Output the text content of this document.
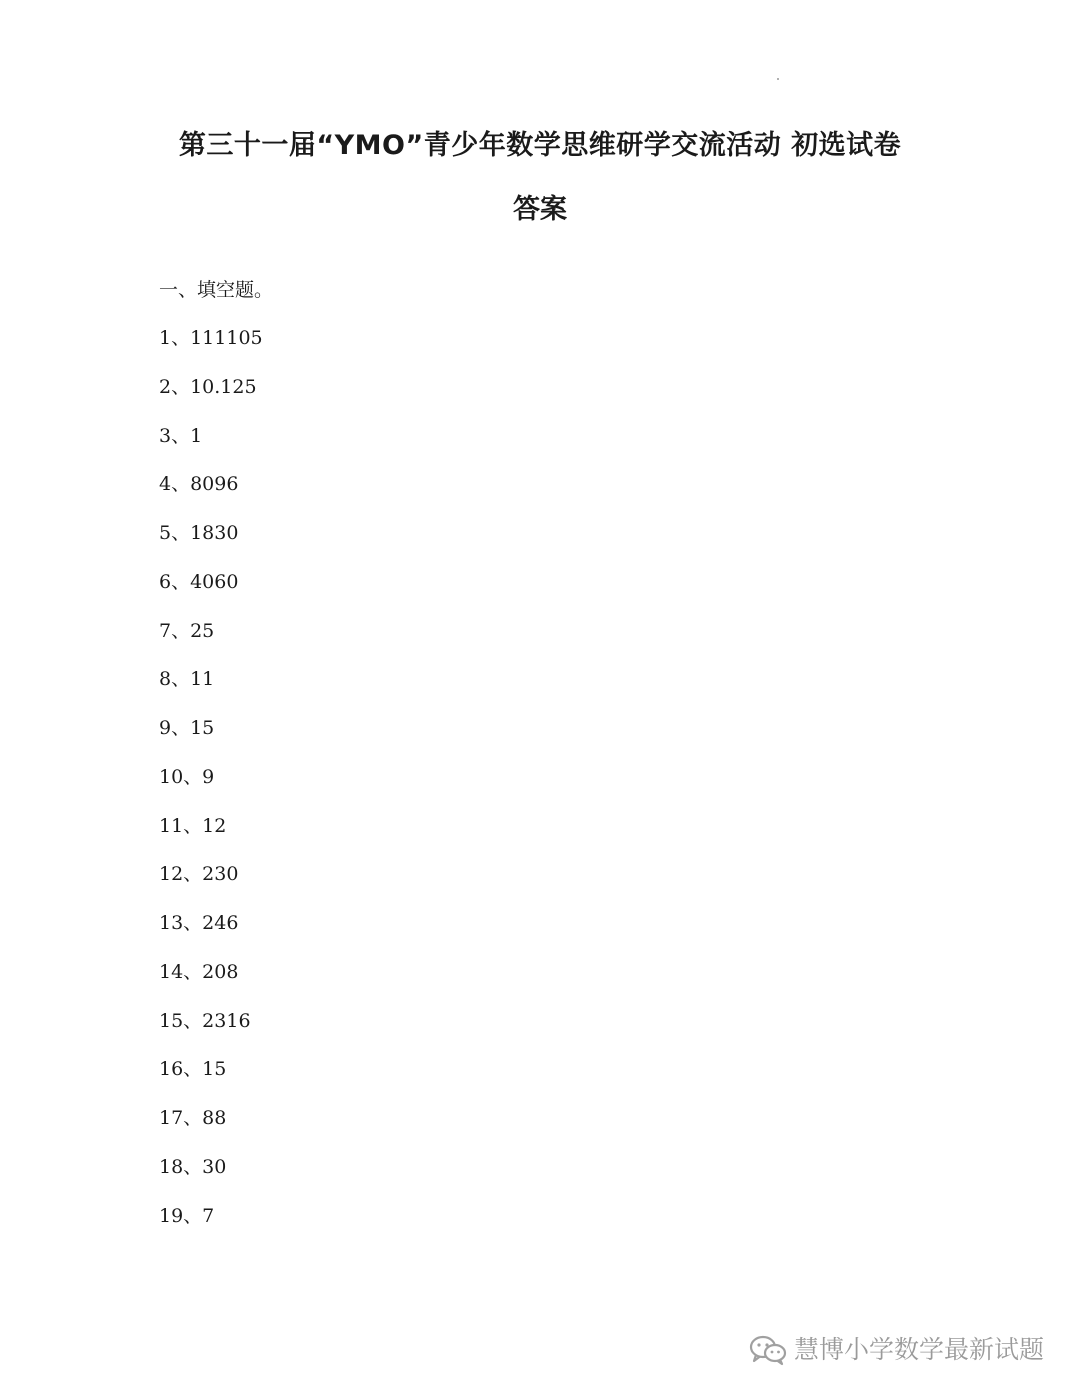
第三十一届“YMO”青少年数学思维研学交流活动 初选试卷
答案
一、填空题。
1、111105
2、10.125
3、1
4、8096
5、1830
6、4060
7、25
8、11
9、15
10、9
11、12
12、230
13、246
14、208
15、2316
16、15
17、88
18、30
19、7
慧博小学数学最新试题
